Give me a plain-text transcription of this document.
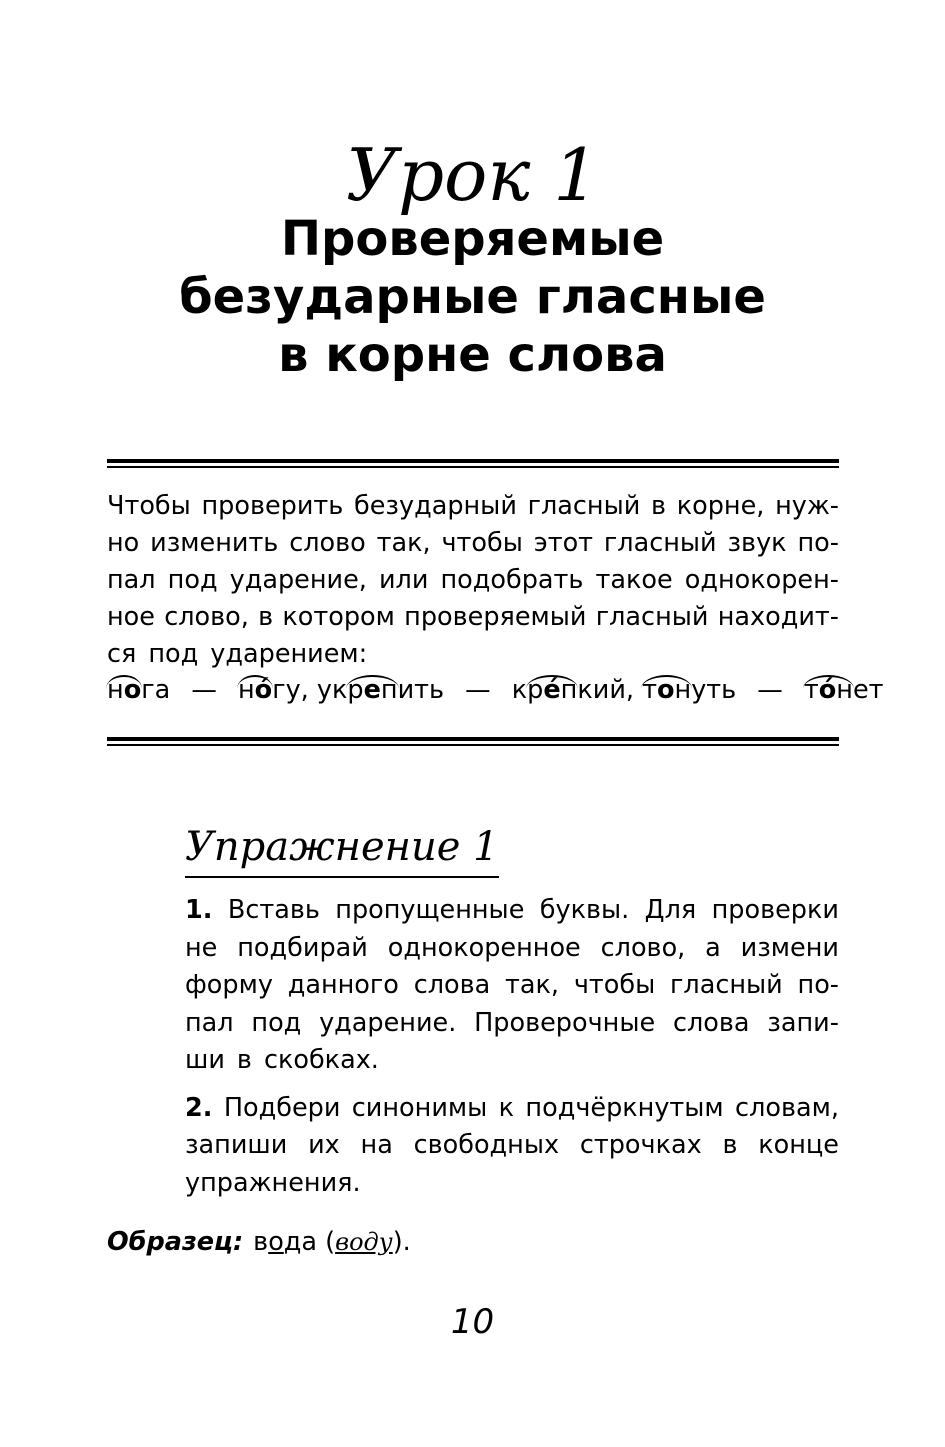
Урок 1
Проверяемые
безударные гласные
в корне слова
Чтобы проверить безударный гласный в корне, нуж-
но изменить слово так, чтобы этот гласный звук по-
пал под ударение, или подобрать такое однокорен-
ное слово, в котором проверяемый гласный находит-
ся под ударением:
нога — но́гу, укрепить — кре́пкий, тонуть — то́нет
Упражнение 1
1. Вставь пропущенные буквы. Для проверки
не подбирай однокоренное слово, а измени
форму данного слова так, чтобы гласный по-
пал под ударение. Проверочные слова запи-
ши в скобках.
2. Подбери синонимы к подчёркнутым словам,
запиши их на свободных строчках в конце
упражнения.
Образец: вода (воду).
10
